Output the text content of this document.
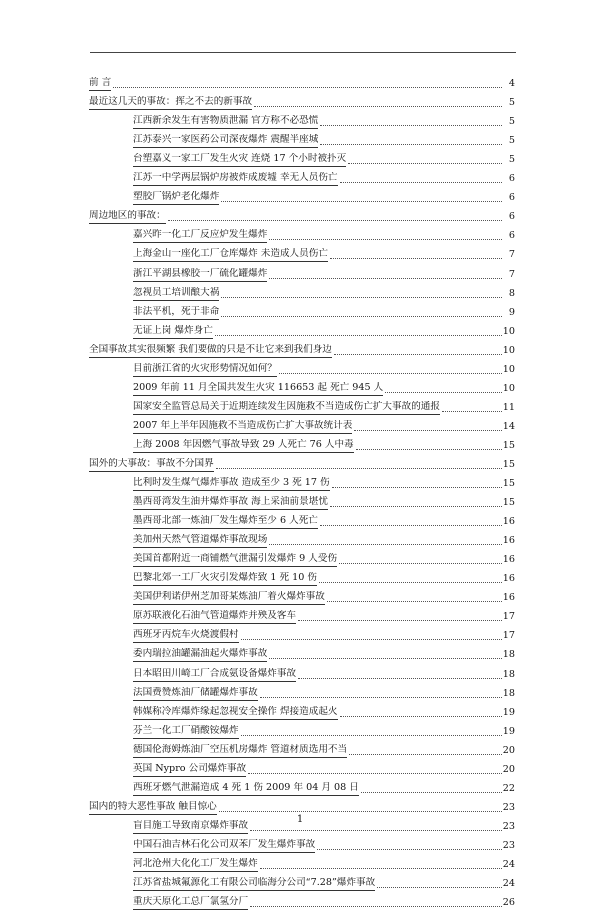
前 言	4
最近这几天的事故：挥之不去的新事故	5
江西新余发生有害物质泄漏 官方称不必恐慌	5
江苏泰兴一家医药公司深夜爆炸 震醒半座城	5
台塑嘉义一家工厂发生火灾 连烧 17 个小时被扑灭	5
江苏一中学两层锅炉房被炸成废墟 幸无人员伤亡	6
塑胶厂锅炉老化爆炸	6
周边地区的事故：	6
嘉兴昨一化工厂反应炉发生爆炸	6
上海金山一座化工厂仓库爆炸 未造成人员伤亡	7
浙江平湖县橡胶一厂硫化罐爆炸	7
忽视员工培训酿大祸	8
非法平机，死于非命	9
无证上岗 爆炸身亡	10
全国事故其实很频繁 我们要做的只是不让它来到我们身边	10
目前浙江省的火灾形势情况如何？	10
2009 年前 11 月全国共发生火灾 116653 起 死亡 945 人	10
国家安全监管总局关于近期连续发生因施救不当造成伤亡扩大事故的通报	11
2007 年上半年因施救不当造成伤亡扩大事故统计表	14
上海 2008 年因燃气事故导致 29 人死亡 76 人中毒	15
国外的大事故：事故不分国界	15
比利时发生煤气爆炸事故 造成至少 3 死 17 伤	15
墨西哥湾发生油井爆炸事故 海上采油前景堪忧	15
墨西哥北部一炼油厂发生爆炸至少 6 人死亡	16
美加州天然气管道爆炸事故现场	16
美国首都附近一商铺燃气泄漏引发爆炸 9 人受伤	16
巴黎北郊一工厂火灾引发爆炸致 1 死 10 伤	16
美国伊利诺伊州芝加哥某炼油厂着火爆炸事故	16
原苏联液化石油气管道爆炸并殃及客车	17
西班牙丙烷车火烧渡假村	17
委内瑞拉油罐漏油起火爆炸事故	18
日本昭田川崎工厂合成氨设备爆炸事故	18
法国费赞炼油厂储罐爆炸事故	18
韩媒称冷库爆炸缘起忽视安全操作 焊接造成起火	19
芬兰一化工厂硝酸铵爆炸	19
德国伦海姆炼油厂空压机房爆炸 管道材质选用不当	20
英国 Nypro 公司爆炸事故	20
西班牙燃气泄漏造成 4 死 1 伤 2009 年 04 月 08 日	22
国内的特大恶性事故 触目惊心	23
盲目施工导致南京爆炸事故	23
中国石油吉林石化公司双苯厂发生爆炸事故	23
河北沧州大化化工厂发生爆炸	24
江苏省盐城氟源化工有限公司临海分公司“7.28”爆炸事故	24
重庆天原化工总厂氯氢分厂	26
1
